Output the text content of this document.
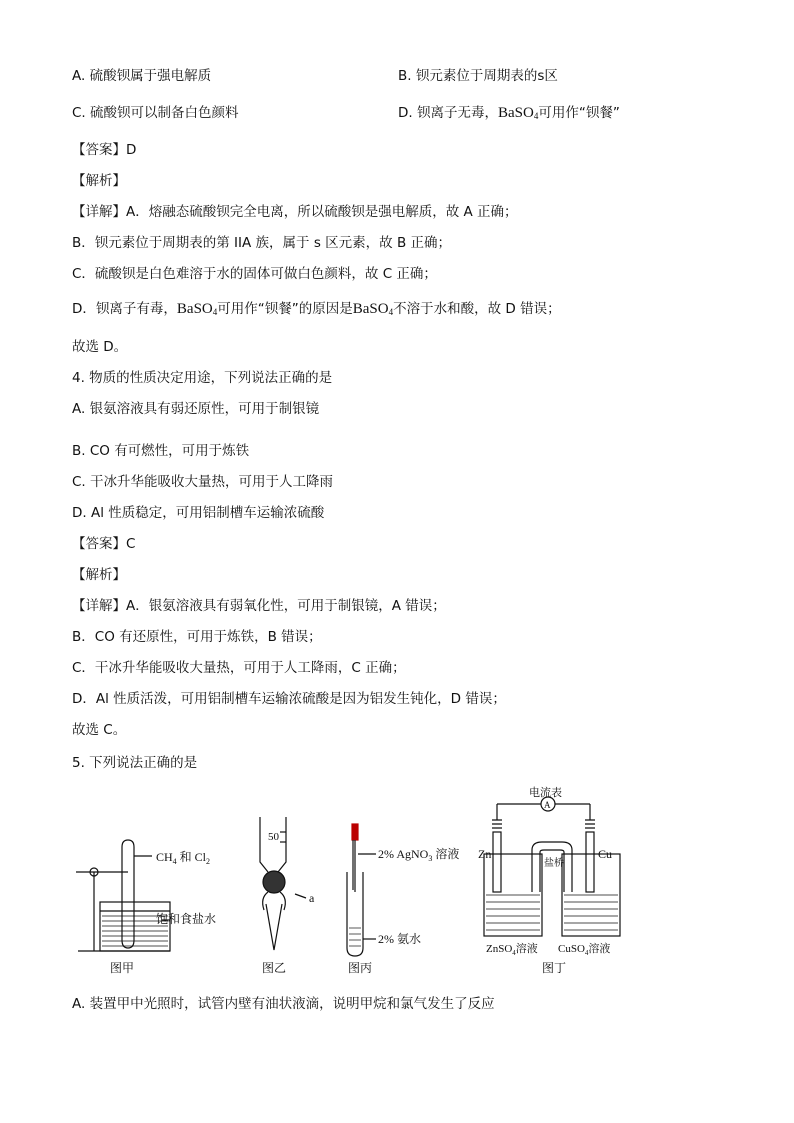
A. 硫酸钡属于强电解质	B. 钡元素位于周期表的s区
C. 硫酸钡可以制备白色颜料	D. 钡离子无毒，BaSO$_4$可用作“钡餐”
【答案】D
【解析】
【详解】A．熔融态硫酸钡完全电离，所以硫酸钡是强电解质，故 A 正确；
B．钡元素位于周期表的第 IIA 族，属于 s 区元素，故 B 正确；
C．硫酸钡是白色难溶于水的固体可做白色颜料，故 C 正确；
D．钡离子有毒，BaSO$_4$可用作“钡餐”的原因是BaSO$_4$不溶于水和酸，故 D 错误；
故选 D。
4. 物质的性质决定用途，下列说法正确的是
A. 银氨溶液具有弱还原性，可用于制银镜
B. CO 有可燃性，可用于炼铁
C. 干冰升华能吸收大量热，可用于人工降雨
D. Al 性质稳定，可用铝制槽车运输浓硫酸
【答案】C
【解析】
【详解】A．银氨溶液具有弱氧化性，可用于制银镜，A 错误；
B．CO 有还原性，可用于炼铁，B 错误；
C．干冰升华能吸收大量热，可用于人工降雨，C 正确；
D．Al 性质活泼，可用铝制槽车运输浓硫酸是因为铝发生钝化，D 错误；
故选 C。
5. 下列说法正确的是
$CH_4$ 和 $Cl_2$
饱和食盐水
图甲
50
a
图乙
2% AgNO$_3$ 溶液
2% 氨水
图丙
电流表
A
Zn	Cu
盐桥
ZnSO$_4$溶液 CuSO$_4$溶液
图丁
A. 装置甲中光照时，试管内壁有油状液滴，说明甲烷和氯气发生了反应
